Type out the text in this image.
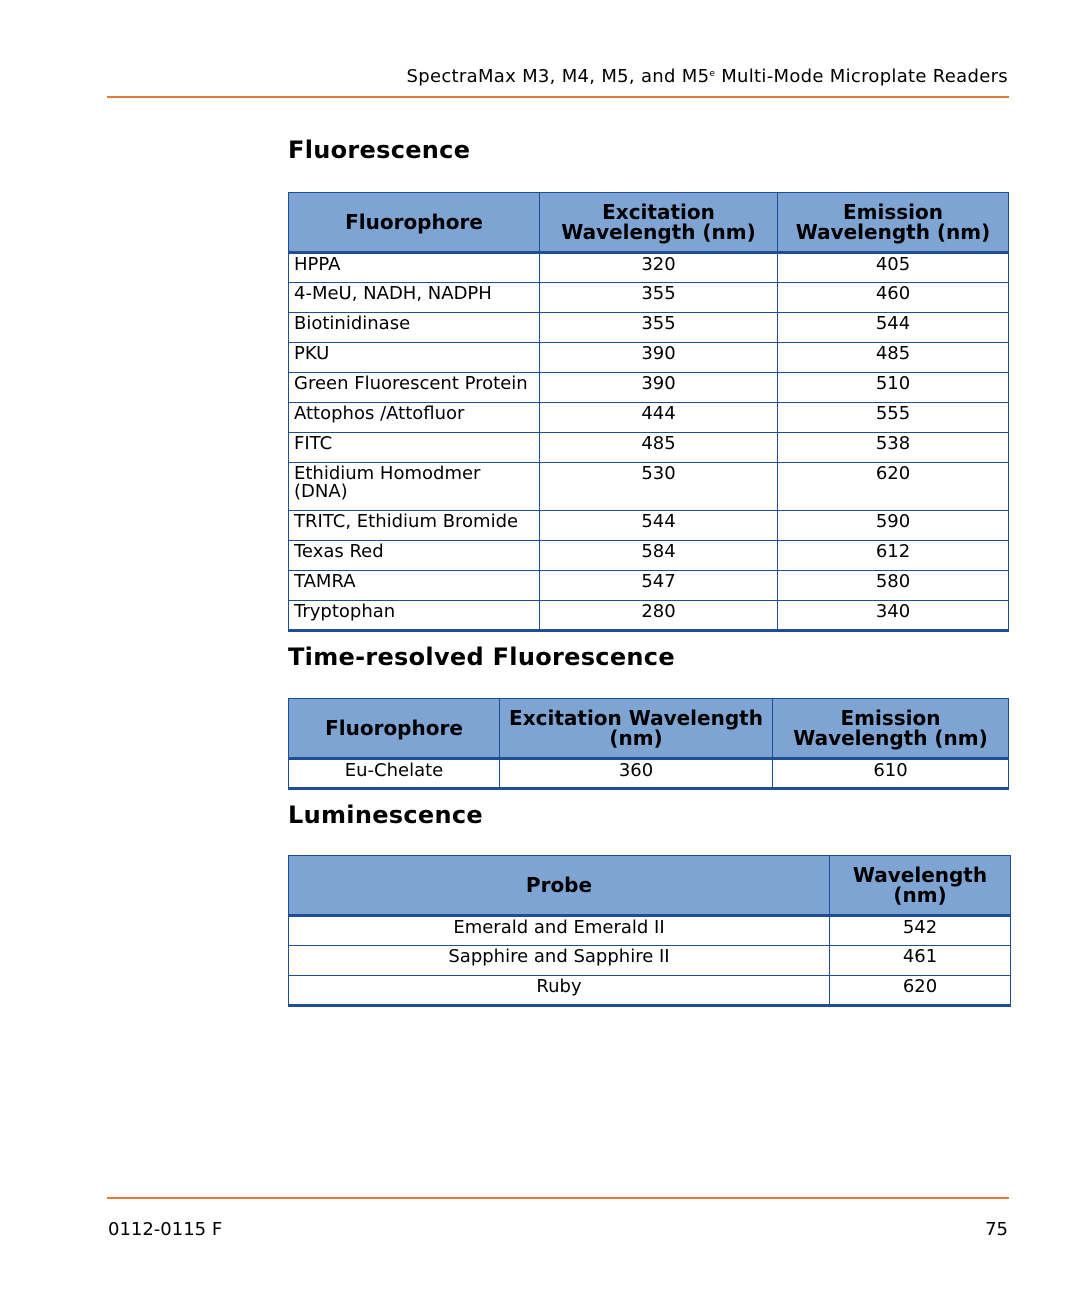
SpectraMax M3, M4, M5, and M5e Multi-Mode Microplate Readers
Fluorescence
Fluorophore	Excitation Wavelength (nm)	Emission Wavelength (nm)
HPPA	320	405
4-MeU, NADH, NADPH	355	460
Biotinidinase	355	544
PKU	390	485
Green Fluorescent Protein	390	510
Attophos /Attofluor	444	555
FITC	485	538
Ethidium Homodmer (DNA)	530	620
TRITC, Ethidium Bromide	544	590
Texas Red	584	612
TAMRA	547	580
Tryptophan	280	340
Time-resolved Fluorescence
Fluorophore	Excitation Wavelength (nm)	Emission Wavelength (nm)
Eu-Chelate	360	610
Luminescence
Probe	Wavelength (nm)
Emerald and Emerald II	542
Sapphire and Sapphire II	461
Ruby	620
0112-0115 F	75
